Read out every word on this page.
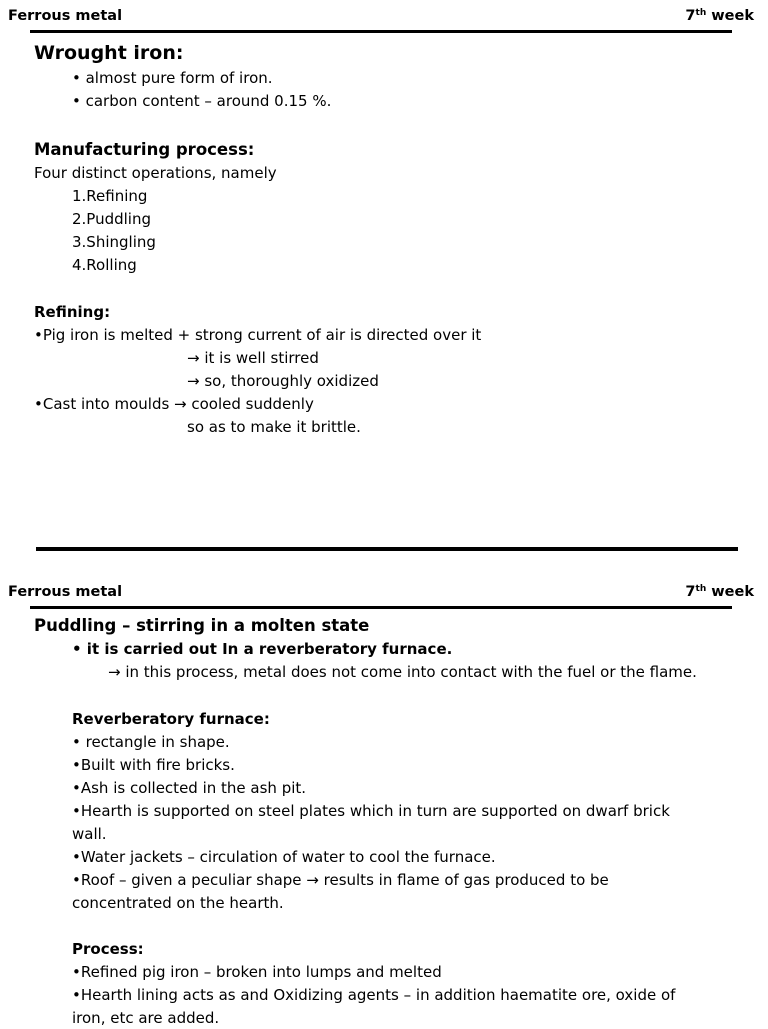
Ferrous metal	7th week
Wrought iron:
• almost pure form of iron.
• carbon content – around 0.15 %.
Manufacturing process:
Four distinct operations, namely
1.Refining
2.Puddling
3.Shingling
4.Rolling
Refining:
•Pig iron is melted + strong current of air is directed over it
→ it is well stirred
→ so, thoroughly oxidized
•Cast into moulds → cooled suddenly
so as to make it brittle.
Ferrous metal	7th week
Puddling – stirring in a molten state
• it is carried out In a reverberatory furnace.
→ in this process, metal does not come into contact with the fuel or the flame.
Reverberatory furnace:
• rectangle in shape.
•Built with fire bricks.
•Ash is collected in the ash pit.
•Hearth is supported on steel plates which in turn are supported on dwarf brick
wall.
•Water jackets – circulation of water to cool the furnace.
•Roof – given a peculiar shape → results in flame of gas produced to be
concentrated on the hearth.
Process:
•Refined pig iron – broken into lumps and melted
•Hearth lining acts as and Oxidizing agents – in addition haematite ore, oxide of
iron, etc are added.
